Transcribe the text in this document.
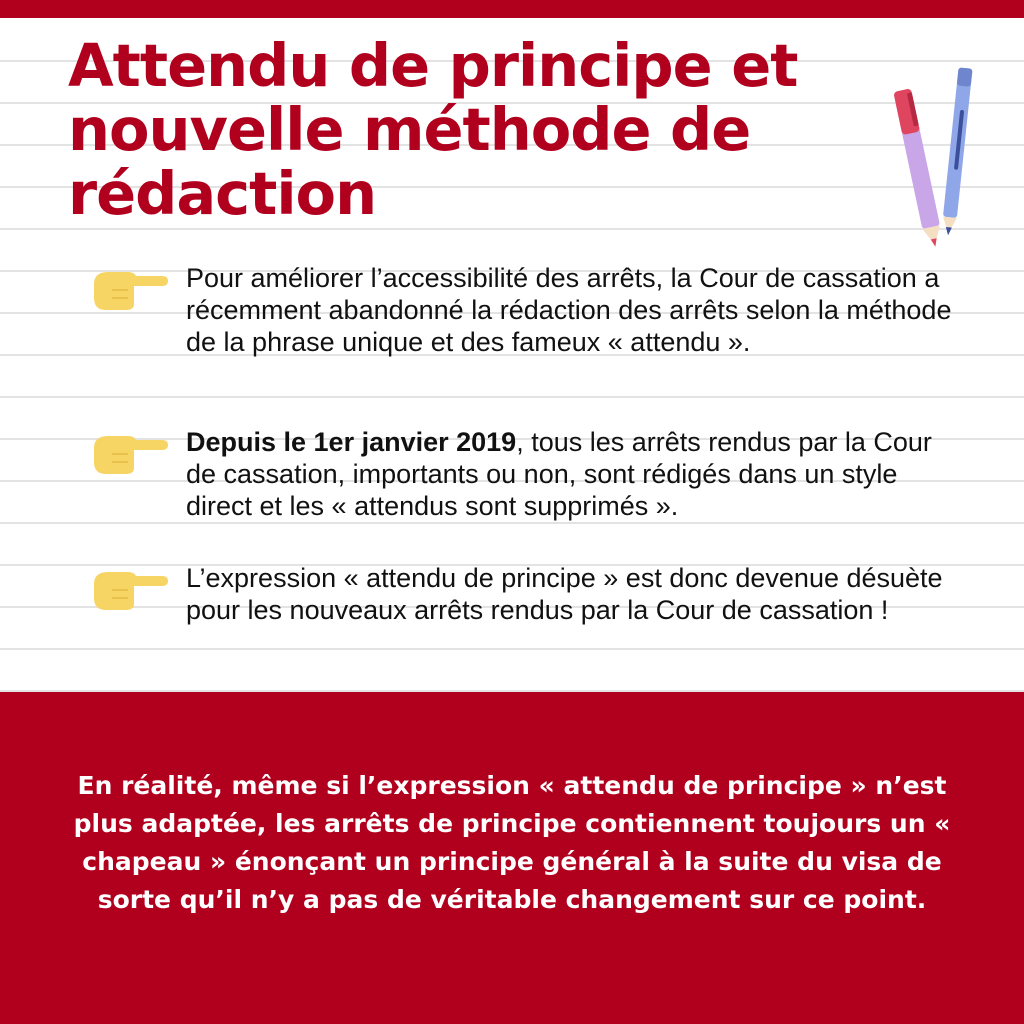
Attendu de principe et nouvelle méthode de rédaction
Pour améliorer l’accessibilité des arrêts, la Cour de cassation a récemment abandonné la rédaction des arrêts selon la méthode de la phrase unique et des fameux « attendu ».
Depuis le 1er janvier 2019, tous les arrêts rendus par la Cour de cassation, importants ou non, sont rédigés dans un style direct et les « attendus sont supprimés ».
L’expression « attendu de principe » est donc devenue désuète pour les nouveaux arrêts rendus par la Cour de cassation !

En réalité, même si l’expression « attendu de principe » n’est plus adaptée, les arrêts de principe contiennent toujours un « chapeau » énonçant un principe général à la suite du visa de sorte qu’il n’y a pas de véritable changement sur ce point.
